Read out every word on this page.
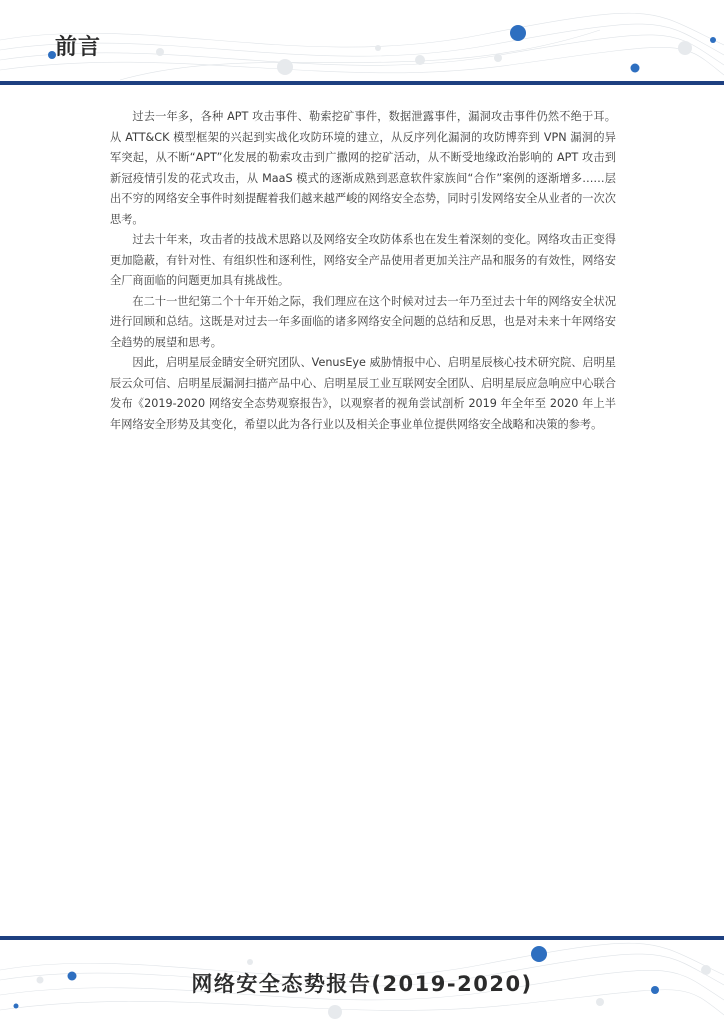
前言

过去一年多，各种 APT 攻击事件、勒索挖矿事件，数据泄露事件，漏洞攻击事件仍然不绝于耳。从 ATT&CK 模型框架的兴起到实战化攻防环境的建立，从反序列化漏洞的攻防博弈到 VPN 漏洞的异军突起，从不断“APT”化发展的勒索攻击到广撒网的挖矿活动，从不断受地缘政治影响的 APT 攻击到新冠疫情引发的花式攻击，从 MaaS 模式的逐渐成熟到恶意软件家族间“合作”案例的逐渐增多……层出不穷的网络安全事件时刻提醒着我们越来越严峻的网络安全态势，同时引发网络安全从业者的一次次思考。

过去十年来，攻击者的技战术思路以及网络安全攻防体系也在发生着深刻的变化。网络攻击正变得更加隐蔽，有针对性、有组织性和逐利性，网络安全产品使用者更加关注产品和服务的有效性，网络安全厂商面临的问题更加具有挑战性。

在二十一世纪第二个十年开始之际，我们理应在这个时候对过去一年乃至过去十年的网络安全状况进行回顾和总结。这既是对过去一年多面临的诸多网络安全问题的总结和反思，也是对未来十年网络安全趋势的展望和思考。

因此，启明星辰金睛安全研究团队、VenusEye 威胁情报中心、启明星辰核心技术研究院、启明星辰云众可信、启明星辰漏洞扫描产品中心、启明星辰工业互联网安全团队、启明星辰应急响应中心联合发布《2019-2020 网络安全态势观察报告》，以观察者的视角尝试剖析 2019 年全年至 2020 年上半年网络安全形势及其变化，希望以此为各行业以及相关企事业单位提供网络安全战略和决策的参考。

网络安全态势报告(2019-2020)
